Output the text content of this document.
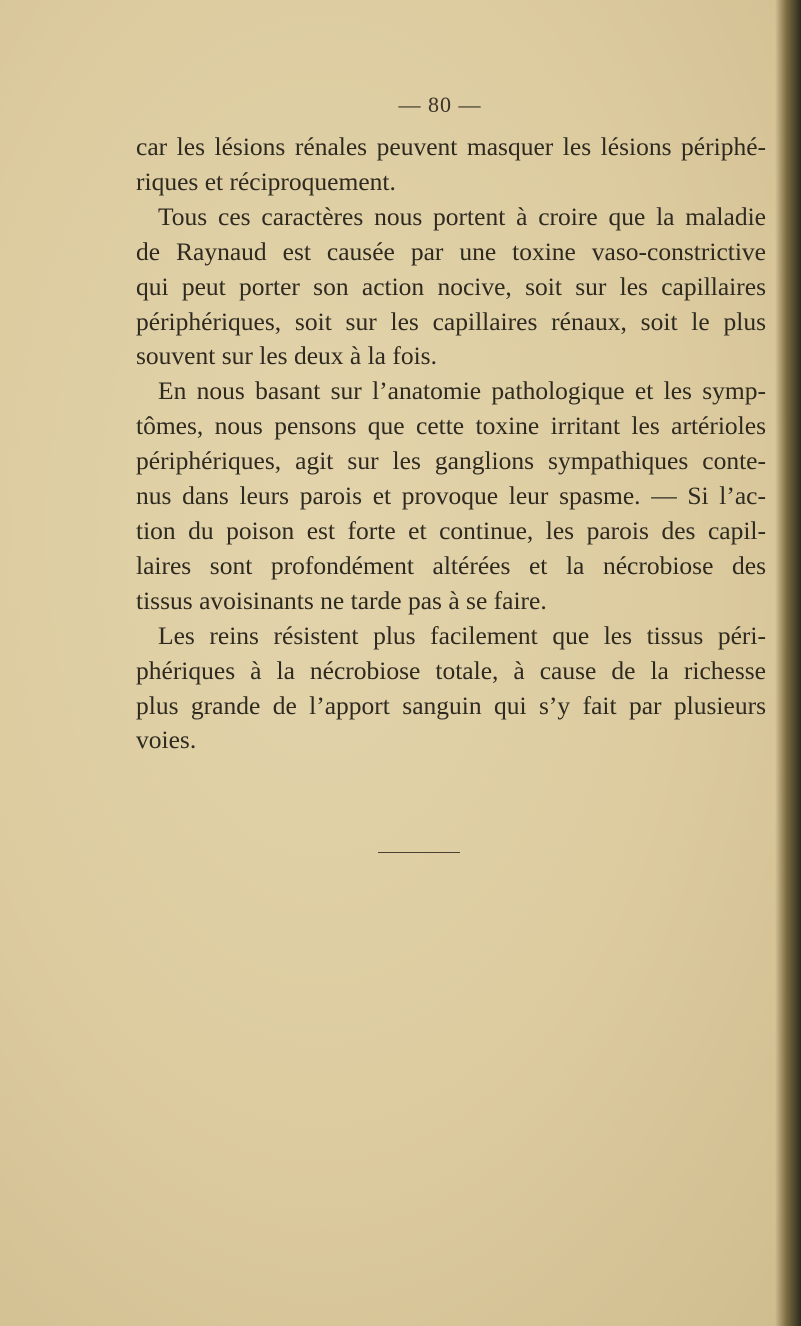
— 80 —
car les lésions rénales peuvent masquer les lésions périphé-
riques et réciproquement.
Tous ces caractères nous portent à croire que la maladie
de Raynaud est causée par une toxine vaso-constrictive
qui peut porter son action nocive, soit sur les capillaires
périphériques, soit sur les capillaires rénaux, soit le plus
souvent sur les deux à la fois.
En nous basant sur l’anatomie pathologique et les symp-
tômes, nous pensons que cette toxine irritant les artérioles
périphériques, agit sur les ganglions sympathiques conte-
nus dans leurs parois et provoque leur spasme. — Si l’ac-
tion du poison est forte et continue, les parois des capil-
laires sont profondément altérées et la nécrobiose des
tissus avoisinants ne tarde pas à se faire.
Les reins résistent plus facilement que les tissus péri-
phériques à la nécrobiose totale, à cause de la richesse
plus grande de l’apport sanguin qui s’y fait par plusieurs
voies.
